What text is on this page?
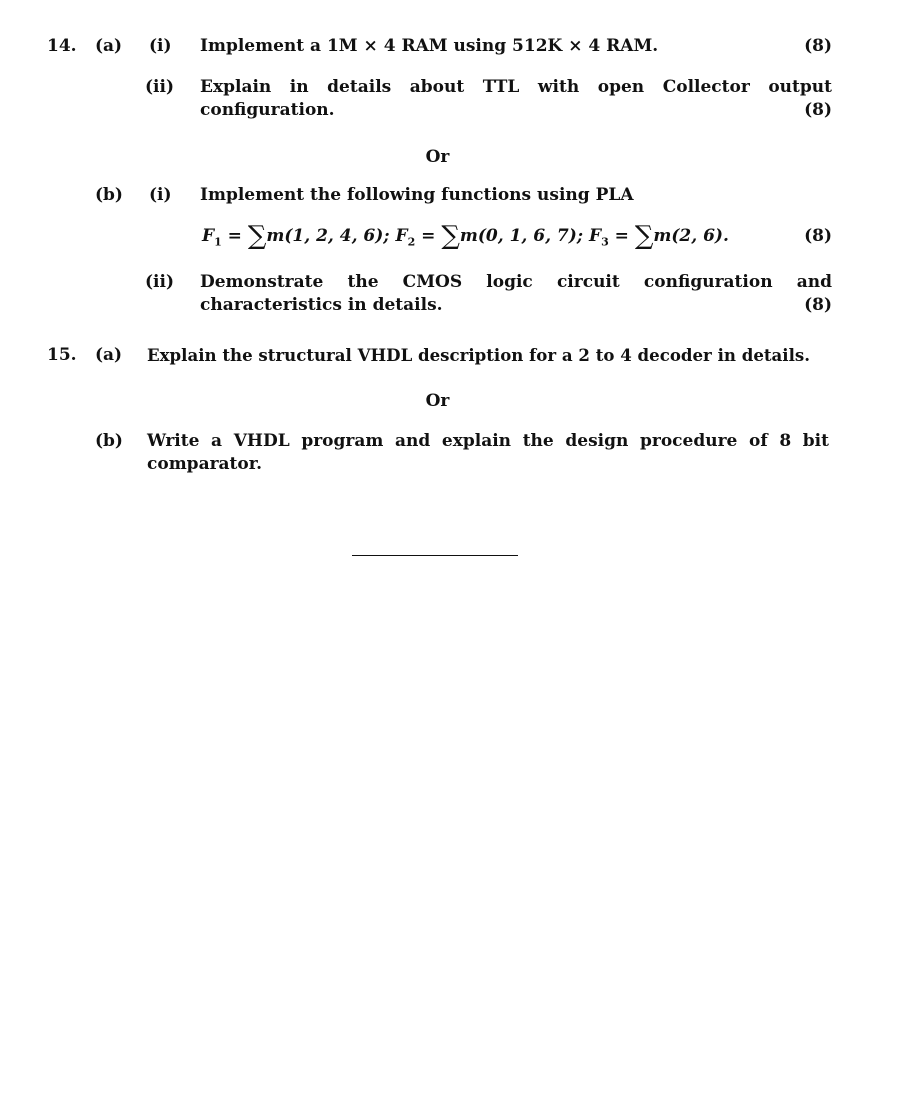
14. (a) (i) Implement a 1M × 4 RAM using 512K × 4 RAM.	(8)
(ii) Explain in details about TTL with open Collector output
configuration.	(8)
Or
(b) (i) Implement the following functions using PLA
$F_1 = \sum m(1$, 2, 4, 6); $F_2 = \sum m(0$, 1, 6, 7); $F_3 = \sum m(2$, 6).	(8)
(ii) Demonstrate the CMOS logic circuit configuration and
characteristics in details.	(8)
15. (a) Explain the structural VHDL description for a 2 to 4 decoder in details.
Or
(b) Write a VHDL program and explain the design procedure of 8 bit
comparator.
